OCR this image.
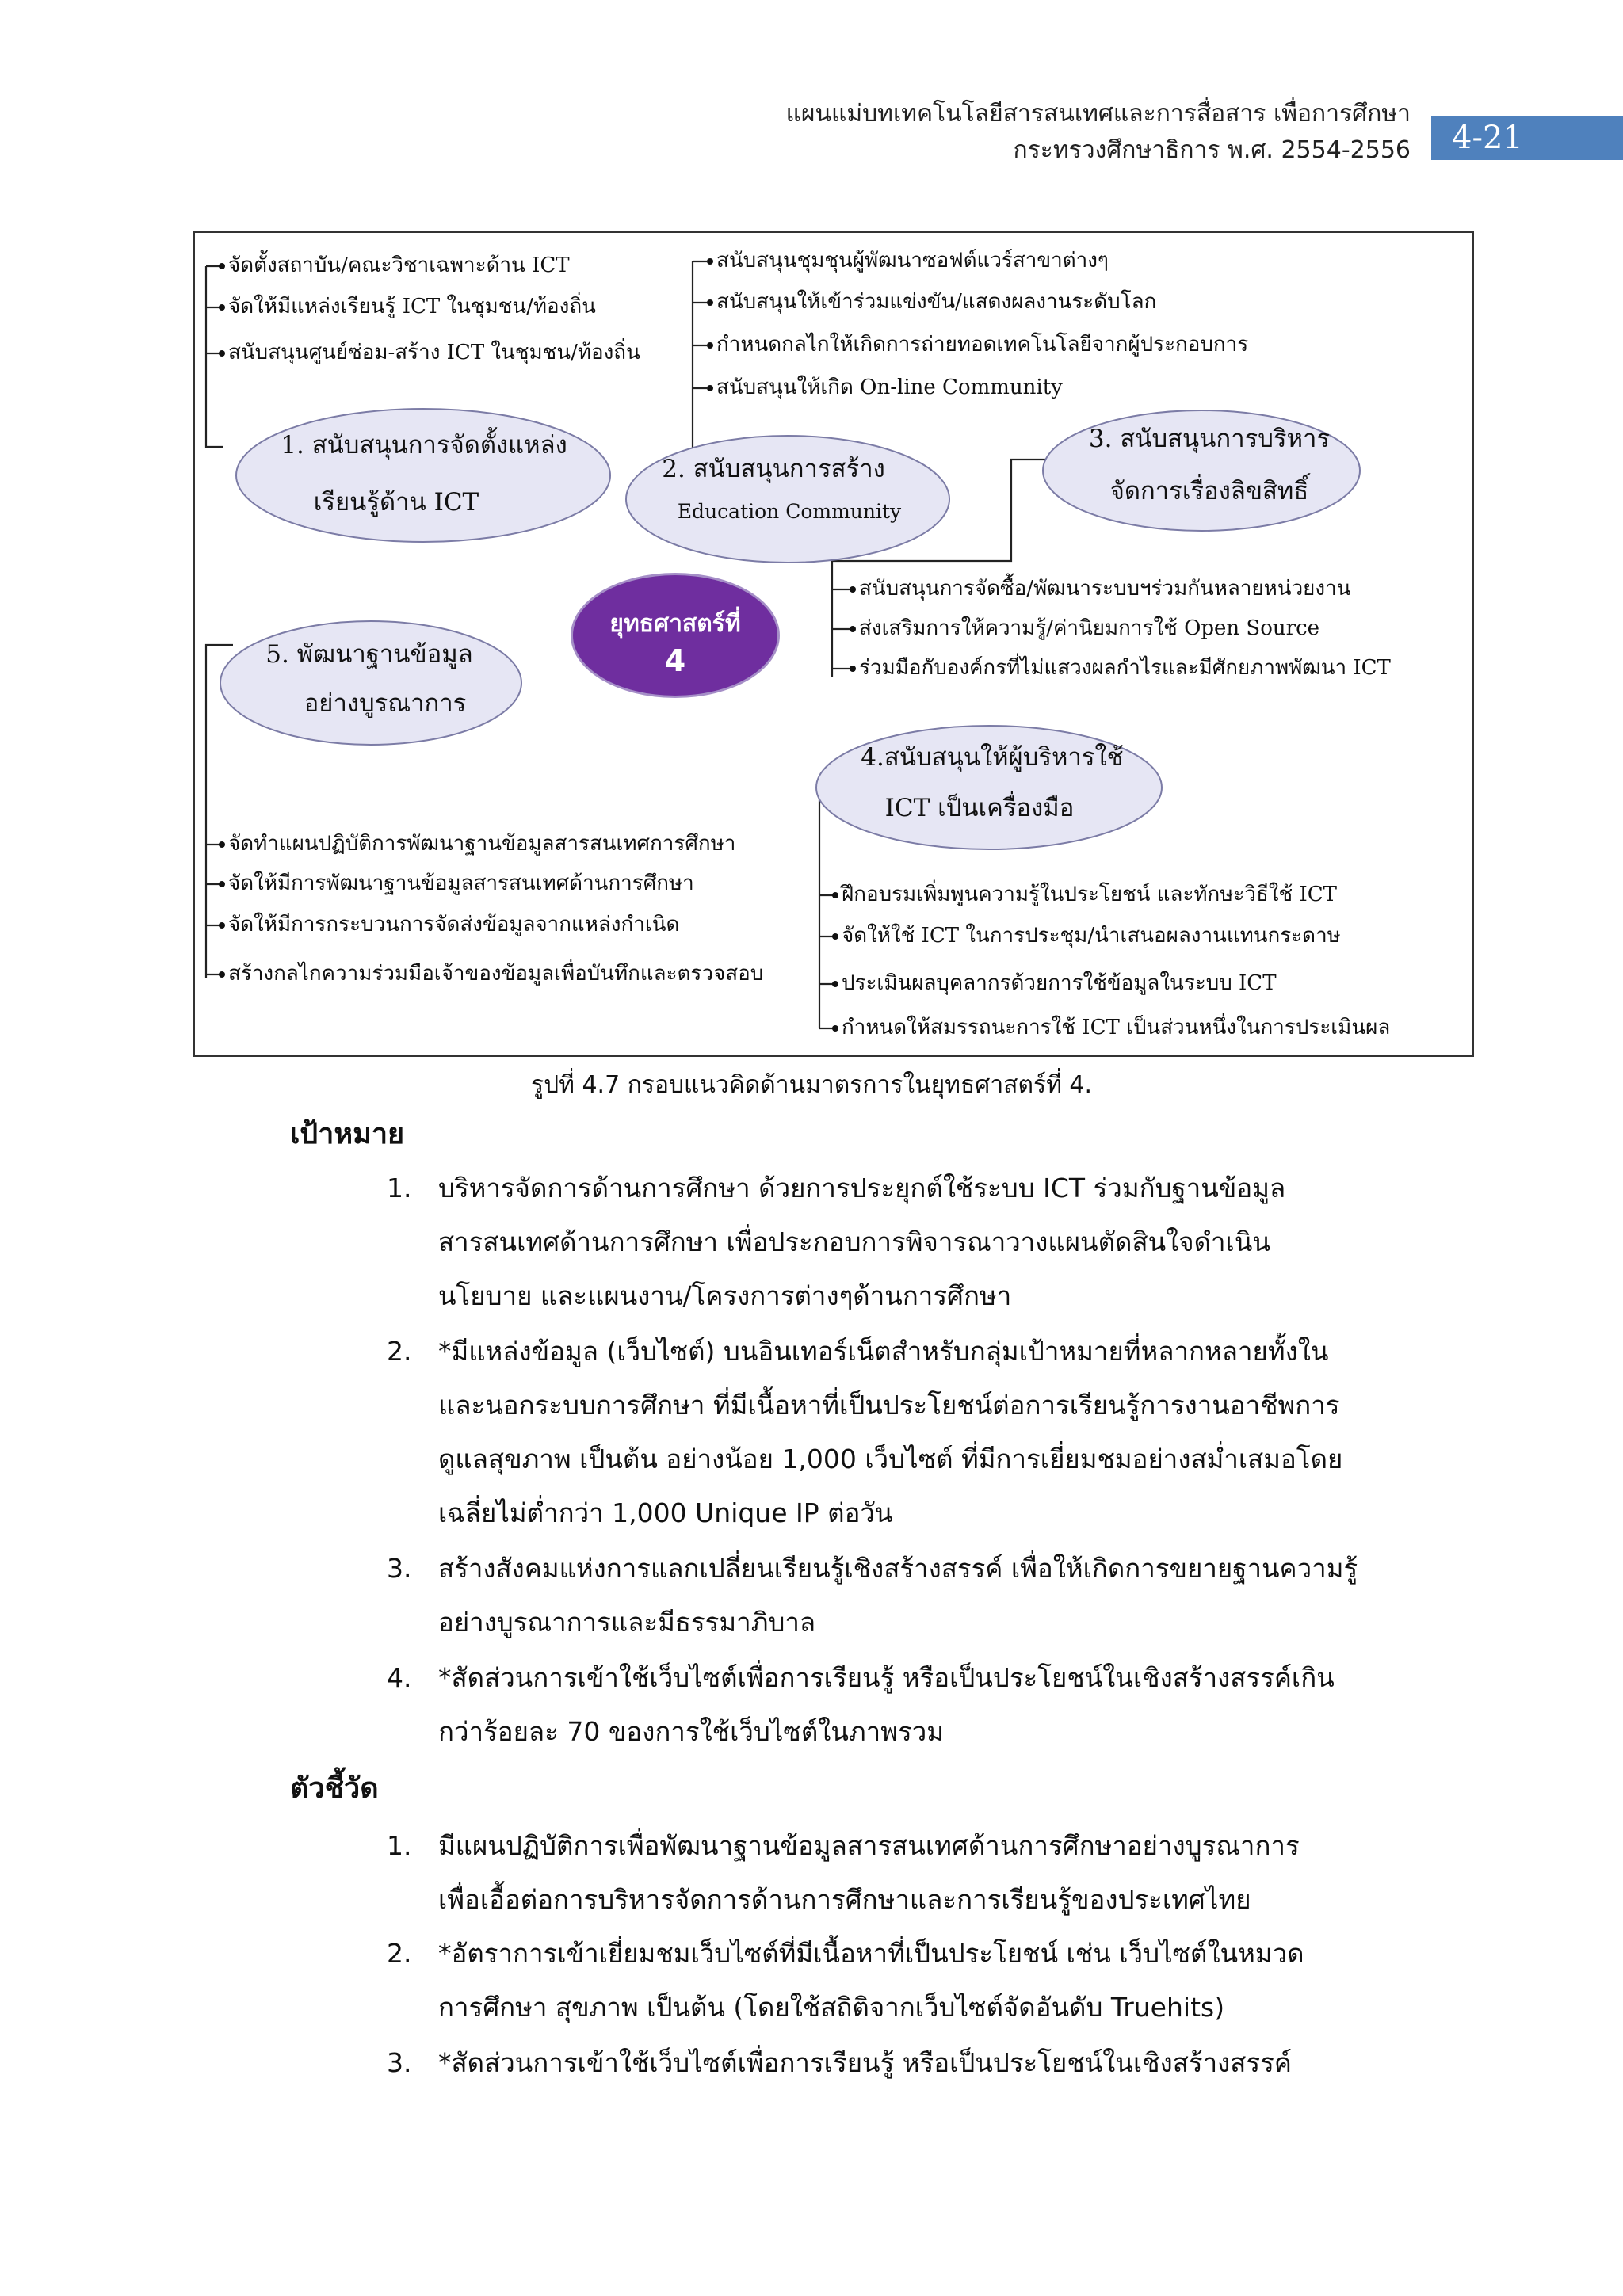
แผนแม่บทเทคโนโลยีสารสนเทศและการสื่อสาร เพื่อการศึกษา
กระทรวงศึกษาธิการ พ.ศ. 2554-2556	4-21
จัดตั้งสถาบัน/คณะวิชาเฉพาะด้าน ICT
จัดให้มีแหล่งเรียนรู้ ICT ในชุมชน/ท้องถิ่น
สนับสนุนศูนย์ซ่อม-สร้าง ICT ในชุมชน/ท้องถิ่น
สนับสนุนชุมชุนผู้พัฒนาซอฟต์แวร์สาขาต่างๆ
สนับสนุนให้เข้าร่วมแข่งขัน/แสดงผลงานระดับโลก
กำหนดกลไกให้เกิดการถ่ายทอดเทคโนโลยีจากผู้ประกอบการ
สนับสนุนให้เกิด On-line Community
สนับสนุนการจัดซื้อ/พัฒนาระบบฯร่วมกันหลายหน่วยงาน
ส่งเสริมการให้ความรู้/ค่านิยมการใช้ Open Source
ร่วมมือกับองค์กรที่ไม่แสวงผลกำไรและมีศักยภาพพัฒนา ICT
จัดทำแผนปฏิบัติการพัฒนาฐานข้อมูลสารสนเทศการศึกษา
จัดให้มีการพัฒนาฐานข้อมูลสารสนเทศด้านการศึกษา
จัดให้มีการกระบวนการจัดส่งข้อมูลจากแหล่งกำเนิด
สร้างกลไกความร่วมมือเจ้าของข้อมูลเพื่อบันทึกและตรวจสอบ
ฝึกอบรมเพิ่มพูนความรู้ในประโยชน์ และทักษะวิธีใช้ ICT
จัดให้ใช้ ICT ในการประชุม/นำเสนอผลงานแทนกระดาษ
ประเมินผลบุคลากรด้วยการใช้ข้อมูลในระบบ ICT
กำหนดให้สมรรถนะการใช้ ICT เป็นส่วนหนึ่งในการประเมินผล
1. สนับสนุนการจัดตั้งแหล่ง
เรียนรู้ด้าน ICT
2. สนับสนุนการสร้าง
Education Community
3. สนับสนุนการบริหาร
จัดการเรื่องลิขสิทธิ์
5. พัฒนาฐานข้อมูล
อย่างบูรณาการ
4.สนับสนุนให้ผู้บริหารใช้
ICT เป็นเครื่องมือ
ยุทธศาสตร์ที่
4
รูปที่ 4.7 กรอบแนวคิดด้านมาตรการในยุทธศาสตร์ที่ 4.
เป้าหมาย
1. บริหารจัดการด้านการศึกษา ด้วยการประยุกต์ใช้ระบบ ICT ร่วมกับฐานข้อมูล
สารสนเทศด้านการศึกษา เพื่อประกอบการพิจารณาวางแผนตัดสินใจดำเนิน
นโยบาย และแผนงาน/โครงการต่างๆด้านการศึกษา
2. *มีแหล่งข้อมูล (เว็บไซต์) บนอินเทอร์เน็ตสำหรับกลุ่มเป้าหมายที่หลากหลายทั้งใน
และนอกระบบการศึกษา ที่มีเนื้อหาที่เป็นประโยชน์ต่อการเรียนรู้การงานอาชีพการ
ดูแลสุขภาพ เป็นต้น อย่างน้อย 1,000 เว็บไซต์ ที่มีการเยี่ยมชมอย่างสม่ำเสมอโดย
เฉลี่ยไม่ต่ำกว่า 1,000 Unique IP ต่อวัน
3. สร้างสังคมแห่งการแลกเปลี่ยนเรียนรู้เชิงสร้างสรรค์ เพื่อให้เกิดการขยายฐานความรู้
อย่างบูรณาการและมีธรรมาภิบาล
4. *สัดส่วนการเข้าใช้เว็บไซต์เพื่อการเรียนรู้ หรือเป็นประโยชน์ในเชิงสร้างสรรค์เกิน
กว่าร้อยละ 70 ของการใช้เว็บไซต์ในภาพรวม
ตัวชี้วัด
1. มีแผนปฏิบัติการเพื่อพัฒนาฐานข้อมูลสารสนเทศด้านการศึกษาอย่างบูรณาการ
เพื่อเอื้อต่อการบริหารจัดการด้านการศึกษาและการเรียนรู้ของประเทศไทย
2. *อัตราการเข้าเยี่ยมชมเว็บไซต์ที่มีเนื้อหาที่เป็นประโยชน์ เช่น เว็บไซต์ในหมวด
การศึกษา สุขภาพ เป็นต้น (โดยใช้สถิติจากเว็บไซต์จัดอันดับ Truehits)
3. *สัดส่วนการเข้าใช้เว็บไซต์เพื่อการเรียนรู้ หรือเป็นประโยชน์ในเชิงสร้างสรรค์
